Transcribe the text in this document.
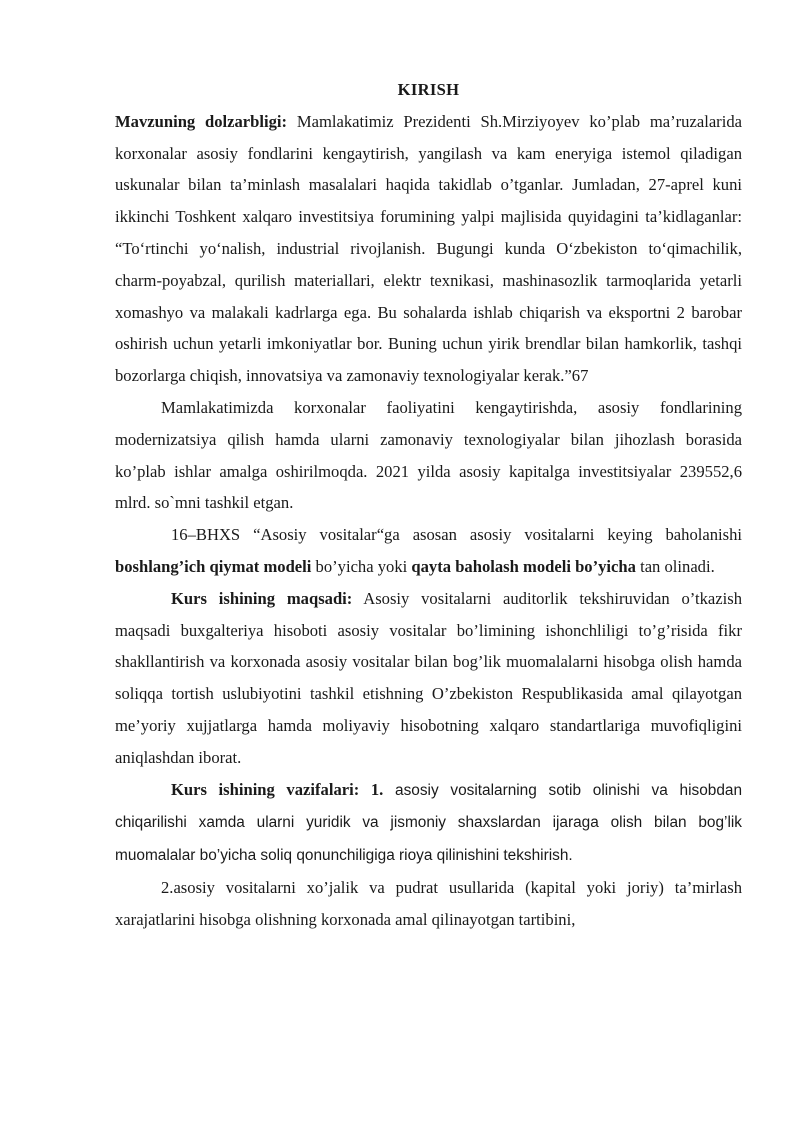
KIRISH

Mavzuning dolzarbligi: Mamlakatimiz Prezidenti Sh.Mirziyoyev ko’plab ma’ruzalarida korxonalar asosiy fondlarini kengaytirish, yangilash va kam eneryiga istemol qiladigan uskunalar bilan ta’minlash masalalari haqida takidlab o’tganlar. Jumladan, 27-aprel kuni ikkinchi Toshkent xalqaro investitsiya forumining yalpi majlisida quyidagini ta’kidlaganlar: “To‘rtinchi yo‘nalish, industrial rivojlanish. Bugungi kunda O‘zbekiston to‘qimachilik, charm-poyabzal, qurilish materiallari, elektr texnikasi, mashinasozlik tarmoqlarida yetarli xomashyo va malakali kadrlarga ega. Bu sohalarda ishlab chiqarish va eksportni 2 barobar oshirish uchun yetarli imkoniyatlar bor. Buning uchun yirik brendlar bilan hamkorlik, tashqi bozorlarga chiqish, innovatsiya va zamonaviy texnologiyalar kerak.”67

Mamlakatimizda korxonalar faoliyatini kengaytirishda, asosiy fondlarining modernizatsiya qilish hamda ularni zamonaviy texnologiyalar bilan jihozlash borasida ko’plab ishlar amalga oshirilmoqda. 2021 yilda asosiy kapitalga investitsiyalar 239552,6 mlrd. so`mni tashkil etgan.

16–BHXS “Asosiy vositalar“ga asosan asosiy vositalarni keying baholanishi boshlang’ich qiymat modeli bo’yicha yoki qayta baholash modeli bo’yicha tan olinadi.

Kurs ishining maqsadi: Asosiy vositalarni auditorlik tekshiruvidan o’tkazish maqsadi buxgalteriya hisoboti asosiy vositalar bo’limining ishonchliligi to’g’risida fikr shakllantirish va korxonada asosiy vositalar bilan bog’lik muomalalarni hisobga olish hamda soliqqa tortish uslubiyotini tashkil etishning O’zbekiston Respublikasida amal qilayotgan me’yoriy xujjatlarga hamda moliyaviy hisobotning xalqaro standartlariga muvofiqligini aniqlashdan iborat.

Kurs ishining vazifalari: 1. asosiy vositalarning sotib olinishi va hisobdan chiqarilishi xamda ularni yuridik va jismoniy shaxslardan ijaraga olish bilan bog’lik muomalalar bo’yicha soliq qonunchiligiga rioya qilinishini tekshirish.

2.asosiy vositalarni xo’jalik va pudrat usullarida (kapital yoki joriy) ta’mirlash xarajatlarini hisobga olishning korxonada amal qilinayotgan tartibini,
